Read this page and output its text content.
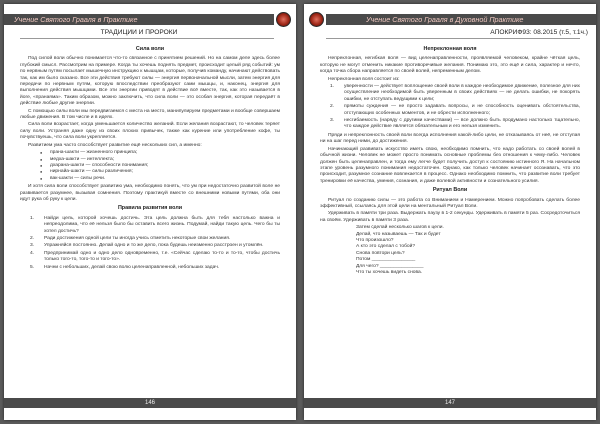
Учение Святого Грааля в Практике
ТРАДИЦИИ И ПРОРОКИ
Сила воли
Под силой воли обычно понимается что-то связанное с принятием решений. Но на самом деле здесь более глубокий смысл. Рассмотрим на примере. Когда ты хочешь поднять предмет, происходит целый ряд событий: ум по нервным путям посылает мышечную инструкцию к мышцам, которые, получив команду, начинают действовать так, как им было сказано. Все эти действия требуют силы — энергия первоначальной мысли, затем энергия для передачи по нервным путям, которую впоследствии преобразуют сами мышцы, и, наконец, энергия для выполнения действия мышцами. Все эти энергии приводят в действие всё вместе, так, как это называется в йоге, «пранаяма». Таким образом, можно заключить, что сила воли — это особая энергия, которая передаёт в действие любые другие энергии.
С помощью силы воли мы передвигаемся с места на место, манипулируем предметами и вообще совершаем любые движения. В том числе и в идеях.
Сила воли возрастает, когда уменьшается количество желаний. Если желания возрастают, то человек теряет силу воли. Устраняя даже одну из своих плохих привычек, также как курение или употребление кофе, ты почувствуешь, что сила воли укрепляется.
Развитием ума часто способствует развитие ещё нескольких сил, а именно:
● прана-шакти — жизненного принципа;
● медха-шакти — интеллекта;
● дхарана-шакти — способности понимания;
● нирнайа-шакти — силы различения;
● вак-шакти — силы речи.
И хотя сила воли способствует развитию ума, необходимо понять, что ум при недостаточно развитой воле не развивается разумнее, вызывая сомнения. Поэтому практикуй вместе со внешними новыми путями, оба они идут рука об руку к цели.
Правила развития воли
1. Найди цель, которой хочешь достичь. Эта цель должна быть для тебя настолько важна и непреодолима, что её нельзя было бы оставить всего жизнь. Подумай, найди такую цель. Чего бы ты хотел достичь?
2. Ради достижения одной цели ты иногда учись отметить некоторые свои желания.
3. Упражняйся постоянно. Делай одно и то же дело, пока будешь неизменно расстроен и утомлён.
4. Предпринимай одно и одно дело одновременно, т.е. «Сейчас сделаю то-то и то-то, чтобы достичь только того-то, того-то и того-то».
5. Начни с небольших, делай свою волю целенаправленной, небольших задач.
146
Учение Святого Грааля в Духовной Практике
АПОКРИФ93: 08.2015 (т.5, т.1ч.)
Непреклонная воля
Непреклонная, негибкая воля — вид целенаправленности, проявляемой человеком, крайне чёткая цель, которую не могут отменить никакие противоречивые желания. Понимаю это, это ещё и сила, характер и нечто, когда точка сбора направляется по своей волей, непременным делом.
Непреклонная воля состоит из:
1. уверенности — действует воплощение своей воли в каждое необходимое движение, полезное для них осуществление необходимой быть уверенным в своих действиях — не делать ошибки, не покорять ошибки, не отступать ведущими к цели;
2. прямоты суждения — не просто задавать вопросы, и не способность оценивать обстоятельства, отступающих особенных моментов, и не обрести исполненного;
3. несгибаемость (наряду с другими качествами) — все должно быть продумано настолько тщательно, что каждое действие является обязательным и его нельзя изменить.
Пряди и непреклонность своей воли всегда исполнения какой-либо цели, не отказываясь от неё, не отступая ни на шаг перед ними, до достижения.
Начинающий развивать искусство иметь свою, необходимо помнить, что надо работать со своей волей в обычной жизни. Человек не может просто понимать основные проблемы без отношения к чему-либо. Человек должен быть целенаправлен, и тогда ему легче будет получить доступ к состоянию истинного Я. На начальном этапе уровень разумного понимания недостаточен. Однако, как только человек начинает осознавать, что это происходит, разумное сознание вовлекается в процесс. Однако необходимо помнить, что развитие воли требует тренировки её качества, умения, сознания, и даже волевой активности и сознательного усилия.
Ритуал Воли
Ритуал по созданию силы — это работа со Вниманием и Намерением. Можно попробовать сделать более эффективный, ссылаясь для этой цели на ментальный Ритуал Воли.
Удерживать в памяти три раза. Выдержать паузу в 1-2 секунды. Удерживать в памяти 5 раз. Сосредоточиться на своём. Удерживать в памяти 3 раза.
Затем сделай несколько шагов к цели.
Делай, что называешь — Так и будет
Что произошло?
А кто это сделал с тобой?
Снова повтори цель?
Потом ________________
Для чего? ________________
Что ты хочешь видеть снова.
147
